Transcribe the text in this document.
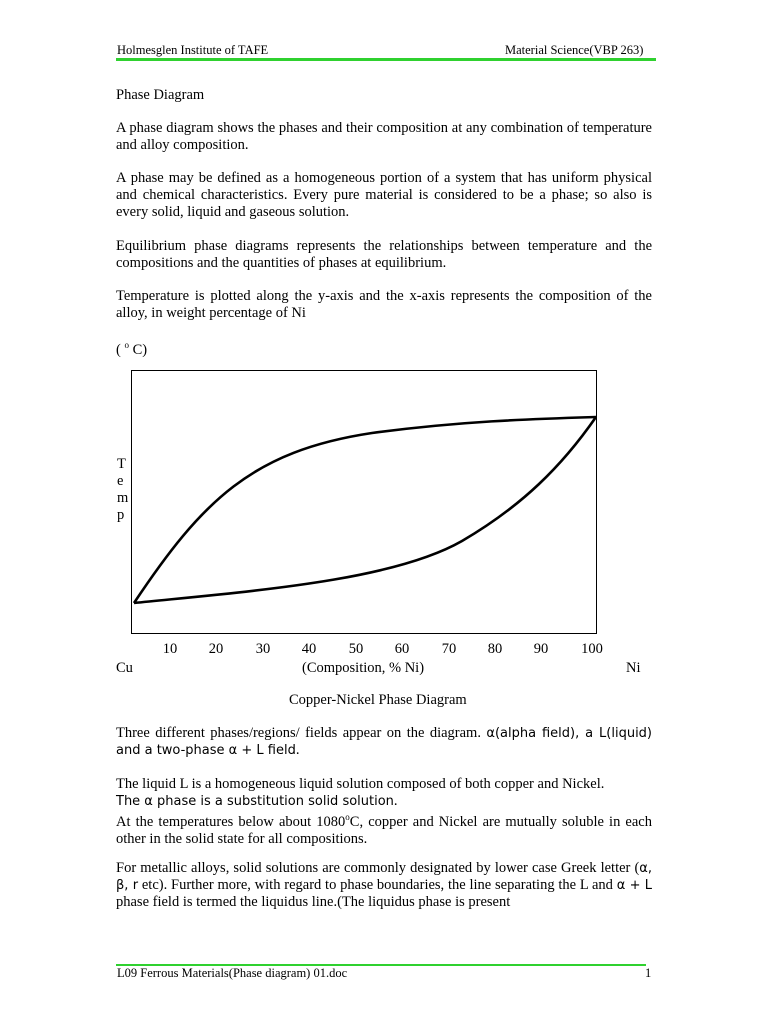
Holmesglen Institute of TAFE	Material Science(VBP 263)
Phase Diagram
A phase diagram shows the phases and their composition at any combination of temperature and alloy composition.
A phase may be defined as a homogeneous portion of a system that has uniform physical and chemical characteristics. Every pure material is considered to be a phase; so also is every solid, liquid and gaseous solution.
Equilibrium phase diagrams represents the relationships between temperature and the compositions and the quantities of phases at equilibrium.
Temperature is plotted along the y-axis and the x-axis represents the composition of the alloy, in weight percentage of Ni
( $^o$ C)
T
e
m
p
10 20 30 40 50 60 70 80 90 100
Cu	(Composition, % Ni)	Ni
Copper-Nickel Phase Diagram
Three different phases/regions/ fields appear on the diagram. α(alpha field), a L(liquid) and a two-phase α + L field.
The liquid L is a homogeneous liquid solution composed of both copper and Nickel.
The α phase is a substitution solid solution.
At the temperatures below about 1080$^o$C, copper and Nickel are mutually soluble in each other in the solid state for all compositions.
For metallic alloys, solid solutions are commonly designated by lower case Greek letter (α, β, r etc). Further more, with regard to phase boundaries, the line separating the L and α + L phase field is termed the liquidus line.(The liquidus phase is present
L09 Ferrous Materials(Phase diagram) 01.doc	1
